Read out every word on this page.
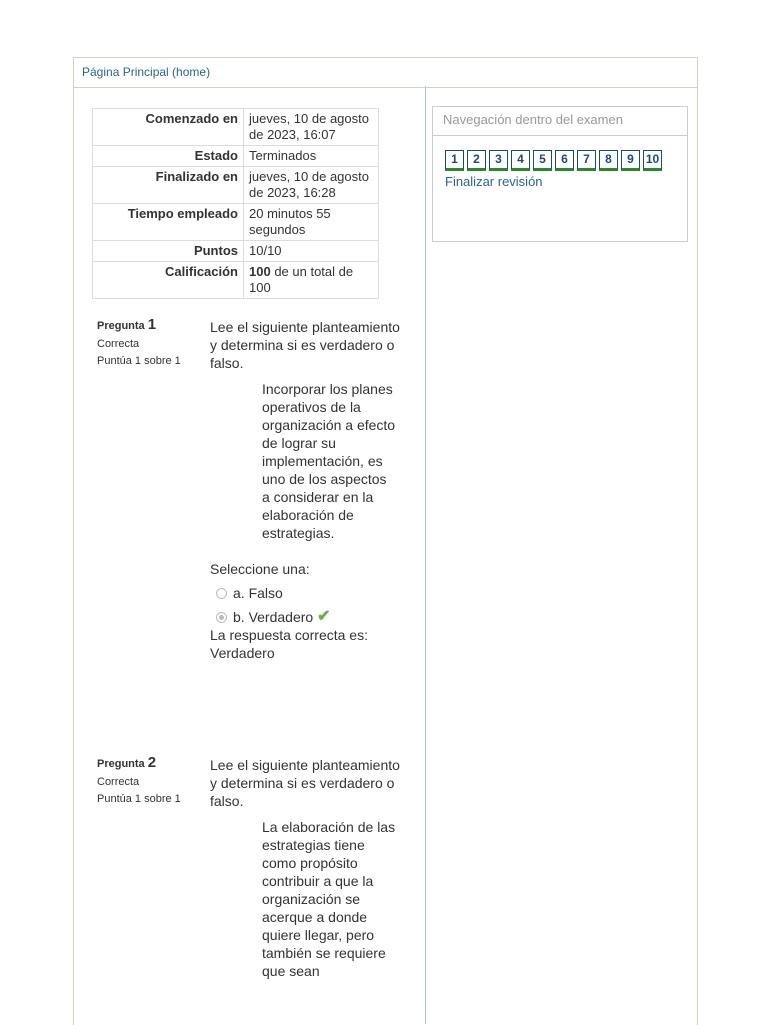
Página Principal (home)
Comenzado en	jueves, 10 de agosto de 2023, 16:07
Estado	Terminados
Finalizado en	jueves, 10 de agosto de 2023, 16:28
Tiempo empleado	20 minutos 55 segundos
Puntos	10/10
Calificación	100 de un total de 100
Navegación dentro del examen
1 2 3 4 5 6 7 8 9 10
Finalizar revisión
Pregunta 1
Correcta
Puntúa 1 sobre 1

Lee el siguiente planteamiento y determina si es verdadero o falso.

Incorporar los planes operativos de la organización a efecto de lograr su implementación, es uno de los aspectos a considerar en la elaboración de estrategias.

Seleccione una:

a. Falso
b. Verdadero ✔

La respuesta correcta es: Verdadero

Pregunta 2
Correcta
Puntúa 1 sobre 1

Lee el siguiente planteamiento y determina si es verdadero o falso.

La elaboración de las estrategias tiene como propósito contribuir a que la organización se acerque a donde quiere llegar, pero también se requiere que sean
